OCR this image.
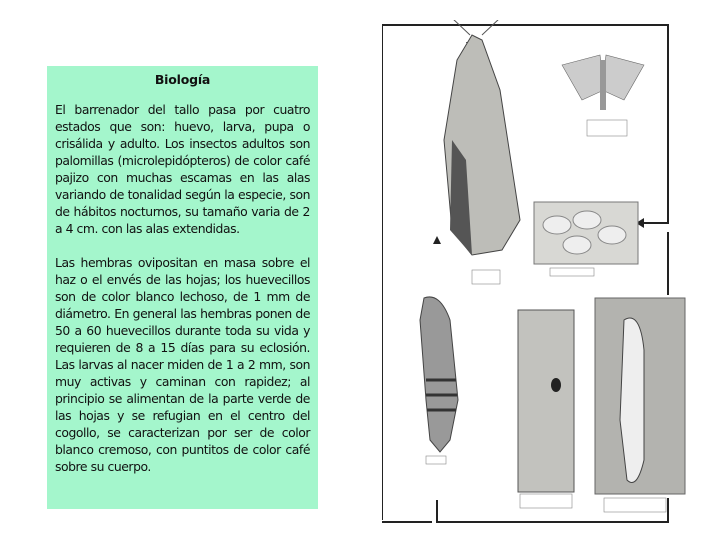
Biología

El barrenador del tallo pasa por cuatro estados que son: huevo, larva, pupa o crisálida y adulto. Los insectos adultos son palomillas (microlepidópteros) de color café pajizo con muchas escamas en las alas variando de tonalidad según la especie, son de hábitos nocturnos, su tamaño varia de 2 a 4 cm. con las alas extendidas.

Las hembras ovipositan en masa sobre el haz o el envés de las hojas; los huevecillos son de color blanco lechoso, de 1 mm de diámetro. En general las hembras ponen de 50 a 60 huevecillos durante toda su vida y requieren de 8 a 15 días para su eclosión. Las larvas al nacer miden de 1 a 2 mm, son muy activas y caminan con rapidez; al principio se alimentan de la parte verde de las hojas y se refugian en el centro del cogollo, se caracterizan por ser de color blanco cremoso, con puntitos de color café sobre su cuerpo.
